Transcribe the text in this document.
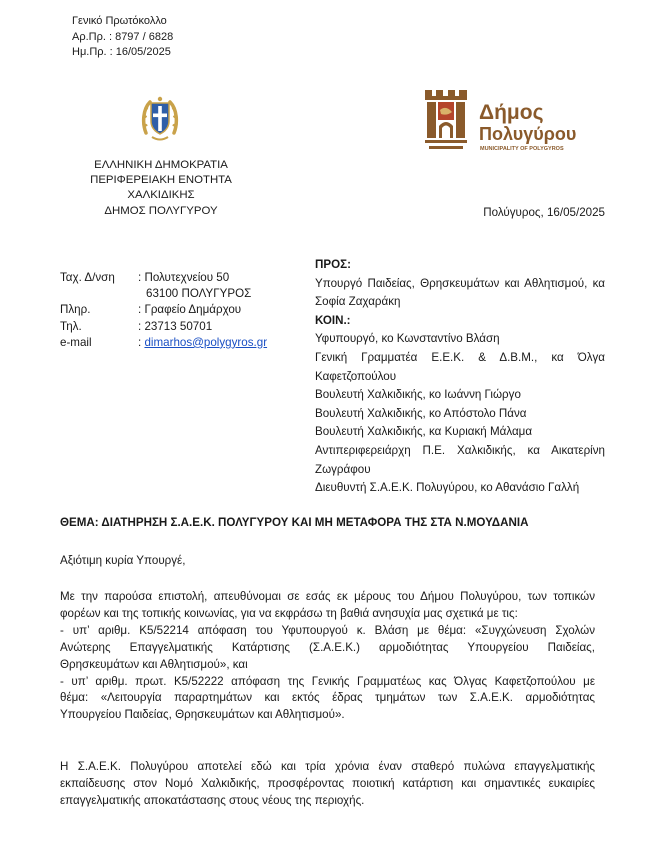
Γενικό Πρωτόκολλο
Αρ.Πρ. : 8797 / 6828
Ημ.Πρ. : 16/05/2025
ΕΛΛΗΝΙΚΗ ΔΗΜΟΚΡΑΤΙΑ
ΠΕΡΙΦΕΡΕΙΑΚΗ ΕΝΟΤΗΤΑ ΧΑΛΚΙΔΙΚΗΣ
ΔΗΜΟΣ ΠΟΛΥΓΥΡΟΥ
Δήμος
Πολυγύρου
MUNICIPALITY OF POLYGYROS
Πολύγυρος, 16/05/2025
Ταχ. Δ/νση	: Πολυτεχνείου 50
63100 ΠΟΛΥΓΥΡΟΣ
Πληρ.	: Γραφείο Δημάρχου
Τηλ.	: 23713 50701
e-mail	: dimarhos@polygyros.gr
ΠΡΟΣ:
Υπουργό Παιδείας, Θρησκευμάτων και Αθλητισμού, κα Σοφία Ζαχαράκη
ΚΟΙΝ.:
Υφυπουργό, κο Κωνσταντίνο Βλάση
Γενική Γραμματέα Ε.Ε.Κ. & Δ.Β.Μ., κα Όλγα Καφετζοπούλου
Βουλευτή Χαλκιδικής, κο Ιωάννη Γιώργο
Βουλευτή Χαλκιδικής, κο Απόστολο Πάνα
Βουλευτή Χαλκιδικής, κα Κυριακή Μάλαμα
Αντιπεριφερειάρχη Π.Ε. Χαλκιδικής, κα Αικατερίνη Ζωγράφου
Διευθυντή Σ.Α.Ε.Κ. Πολυγύρου, κο Αθανάσιο Γαλλή
ΘΕΜΑ: ΔΙΑΤΗΡΗΣΗ Σ.Α.Ε.Κ. ΠΟΛΥΓΥΡΟΥ ΚΑΙ ΜΗ ΜΕΤΑΦΟΡΑ ΤΗΣ ΣΤΑ Ν.ΜΟΥΔΑΝΙΑ
Αξιότιμη κυρία Υπουργέ,
Με την παρούσα επιστολή, απευθύνομαι σε εσάς εκ μέρους του Δήμου Πολυγύρου, των τοπικών
φορέων και της τοπικής κοινωνίας, για να εκφράσω τη βαθιά ανησυχία μας σχετικά με τις:
- υπ’ αριθμ. Κ5/52214 απόφαση του Υφυπουργού κ. Βλάση με θέμα: «Συγχώνευση Σχολών
Ανώτερης Επαγγελματικής Κατάρτισης (Σ.Α.Ε.Κ.) αρμοδιότητας Υπουργείου Παιδείας,
Θρησκευμάτων και Αθλητισμού», και
- υπ’ αριθμ. πρωτ. Κ5/52222 απόφαση της Γενικής Γραμματέως κας Όλγας Καφετζοπούλου με
θέμα: «Λειτουργία παραρτημάτων και εκτός έδρας τμημάτων των Σ.Α.Ε.Κ. αρμοδιότητας
Υπουργείου Παιδείας, Θρησκευμάτων και Αθλητισμού».
Η Σ.Α.Ε.Κ. Πολυγύρου αποτελεί εδώ και τρία χρόνια έναν σταθερό πυλώνα επαγγελματικής
εκπαίδευσης στον Νομό Χαλκιδικής, προσφέροντας ποιοτική κατάρτιση και σημαντικές ευκαιρίες
επαγγελματικής αποκατάστασης στους νέους της περιοχής.
